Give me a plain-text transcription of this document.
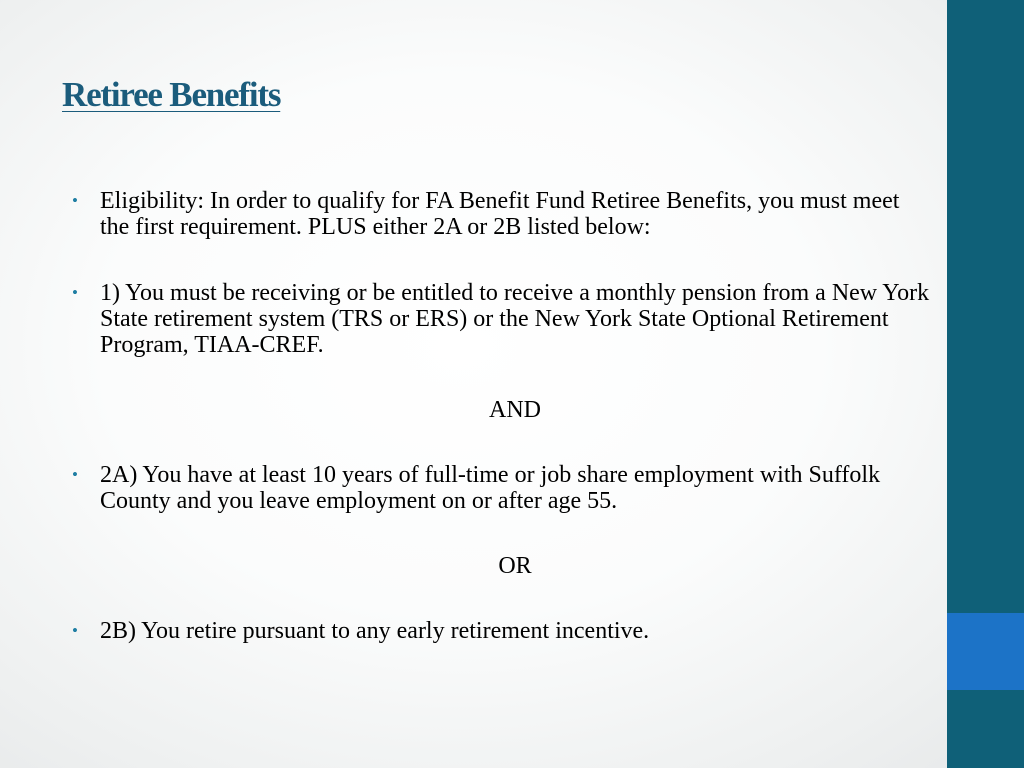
Retiree Benefits
• Eligibility: In order to qualify for FA Benefit Fund Retiree Benefits, you must meet the first requirement. PLUS either 2A or 2B listed below:
• 1) You must be receiving or be entitled to receive a monthly pension from a New York State retirement system (TRS or ERS) or the New York State Optional Retirement Program, TIAA-CREF.
AND
• 2A) You have at least 10 years of full-time or job share employment with Suffolk County and you leave employment on or after age 55.
OR
• 2B) You retire pursuant to any early retirement incentive.
